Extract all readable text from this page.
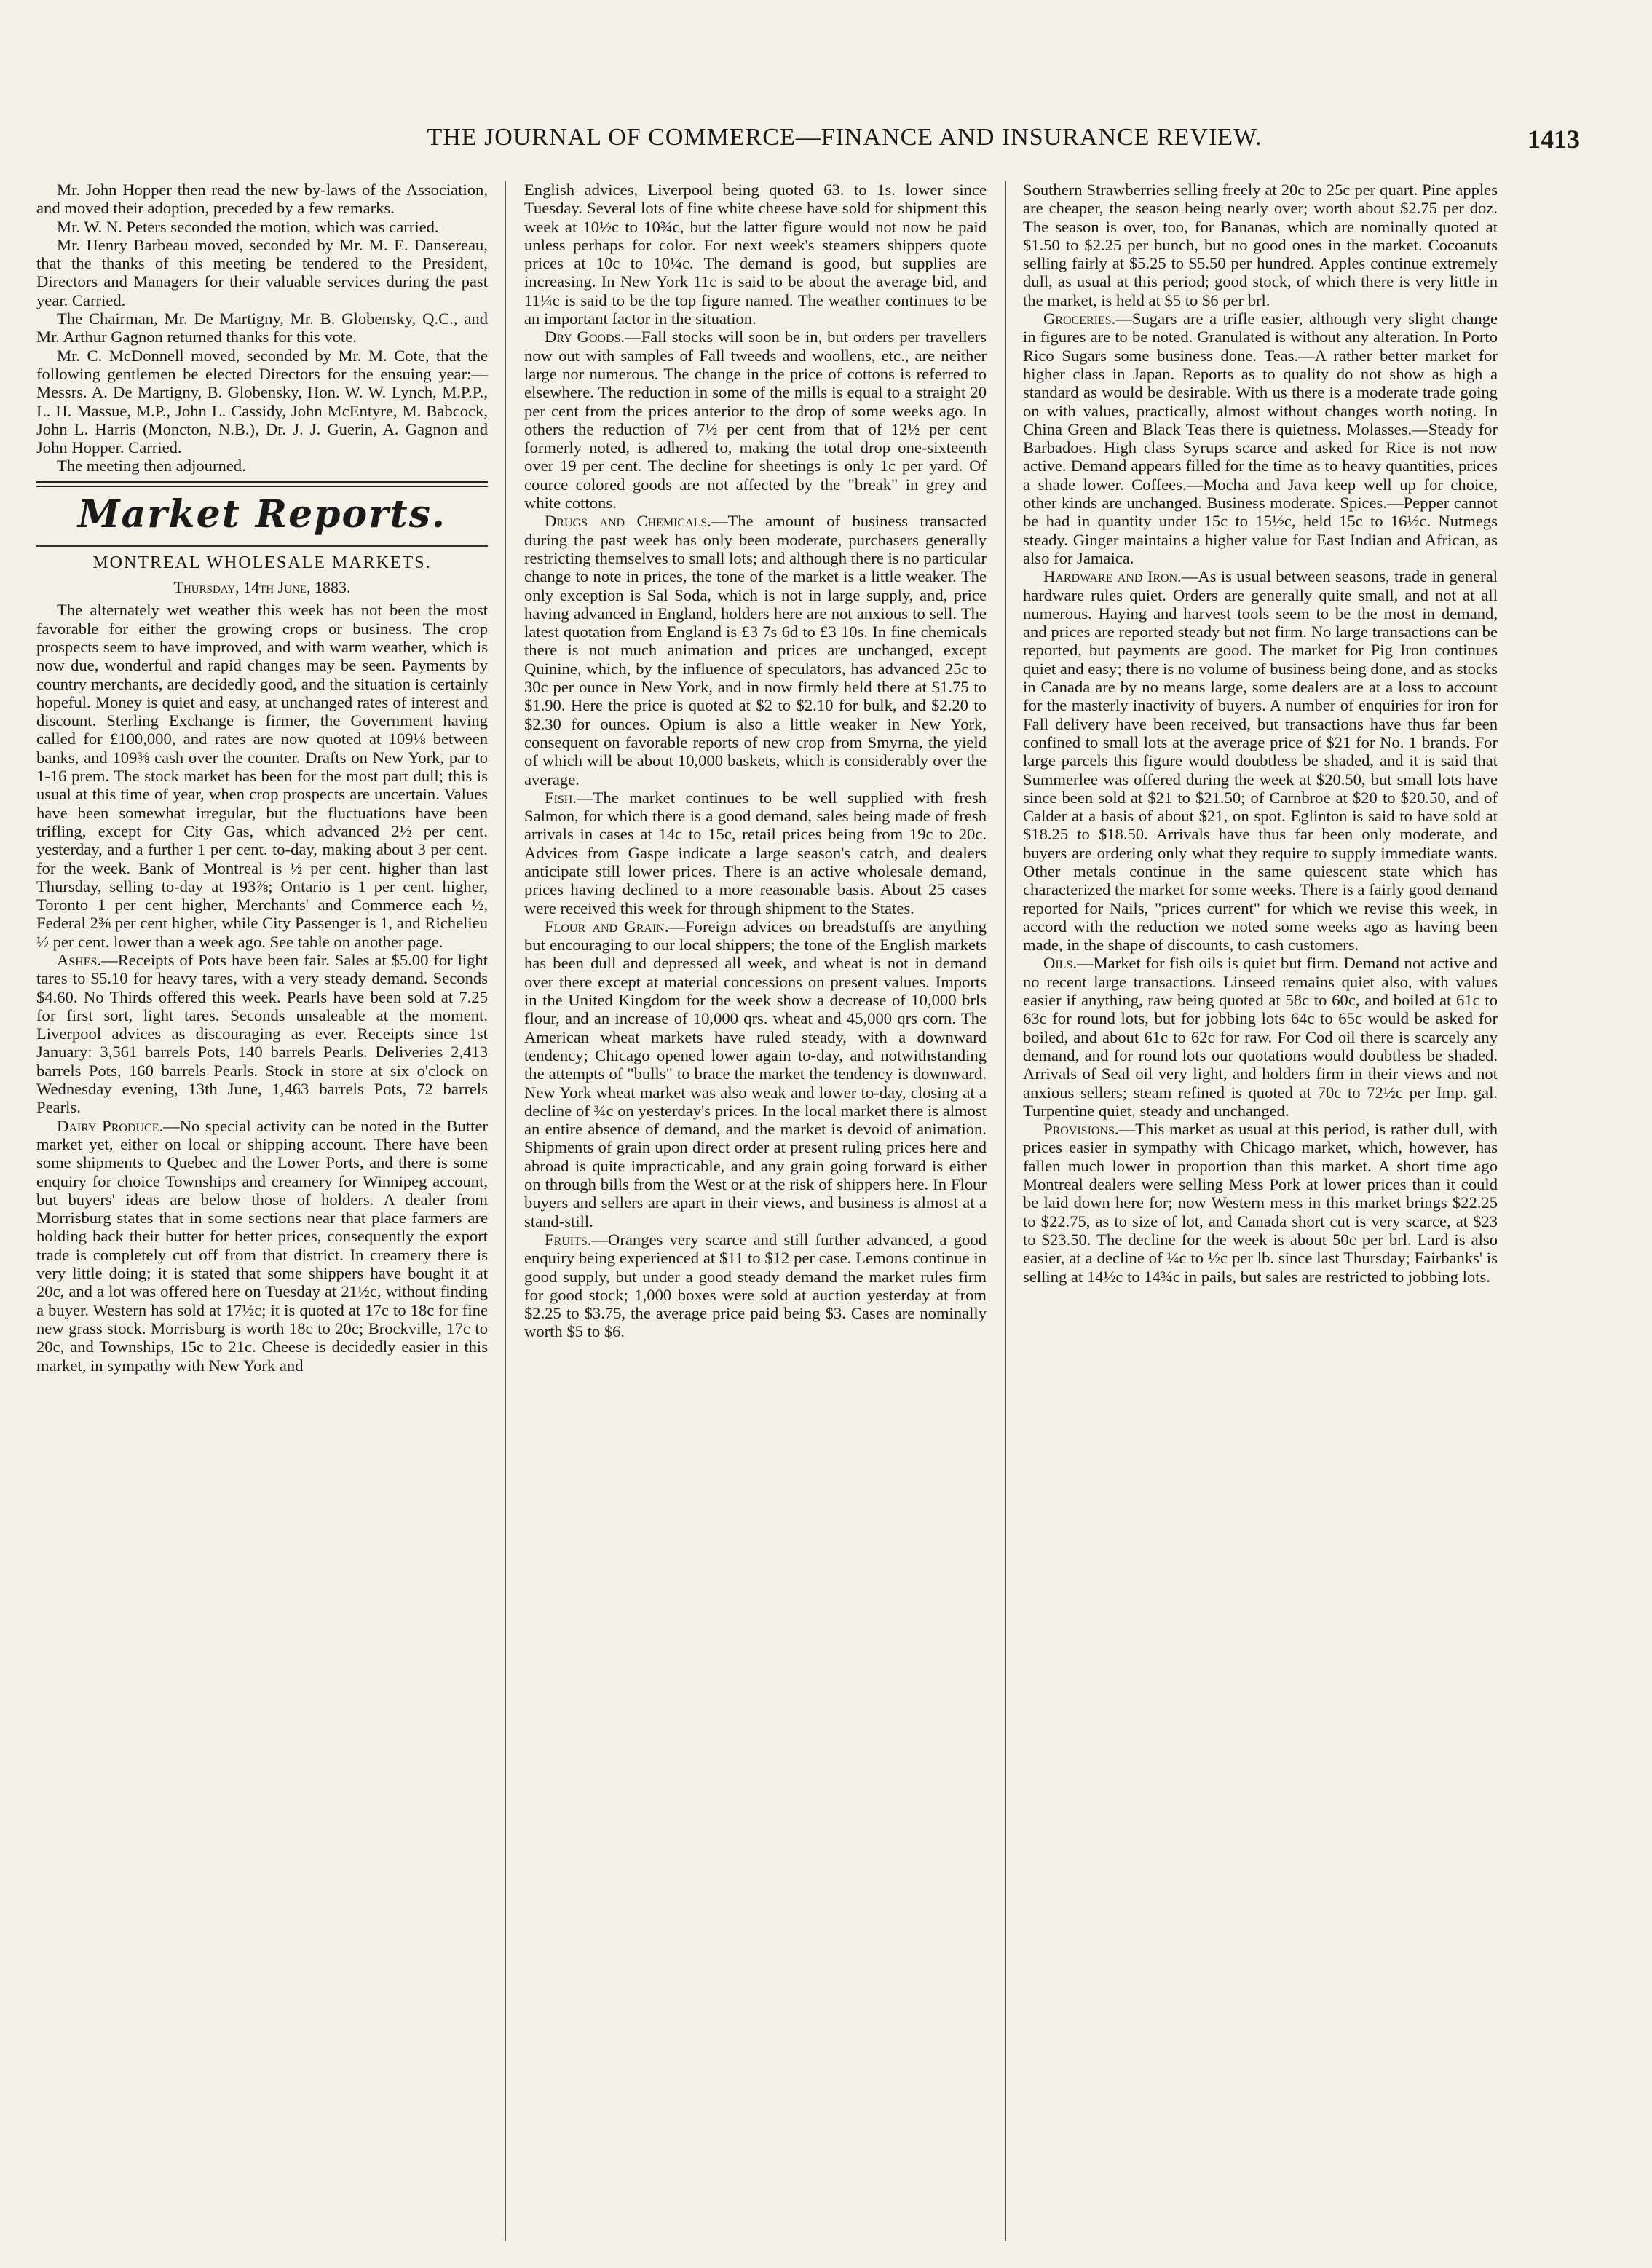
THE JOURNAL OF COMMERCE—FINANCE AND INSURANCE REVIEW.	1413

Mr. John Hopper then read the new by-laws of the Association, and moved their adoption, preceded by a few remarks.

Mr. W. N. Peters seconded the motion, which was carried.

Mr. Henry Barbeau moved, seconded by Mr. M. E. Dansereau, that the thanks of this meeting be tendered to the President, Directors and Managers for their valuable services during the past year. Carried.

The Chairman, Mr. De Martigny, Mr. B. Globensky, Q.C., and Mr. Arthur Gagnon returned thanks for this vote.

Mr. C. McDonnell moved, seconded by Mr. M. Cote, that the following gentlemen be elected Directors for the ensuing year:—Messrs. A. De Martigny, B. Globensky, Hon. W. W. Lynch, M.P.P., L. H. Massue, M.P., John L. Cassidy, John McEntyre, M. Babcock, John L. Harris (Moncton, N.B.), Dr. J. J. Guerin, A. Gagnon and John Hopper. Carried.

The meeting then adjourned.

Market Reports.
MONTREAL WHOLESALE MARKETS.
Thursday, 14th June, 1883.

The alternately wet weather this week has not been the most favorable for either the growing crops or business. The crop prospects seem to have improved, and with warm weather, which is now due, wonderful and rapid changes may be seen. Payments by country merchants, are decidedly good, and the situation is certainly hopeful. Money is quiet and easy, at unchanged rates of interest and discount. Sterling Exchange is firmer, the Government having called for £100,000, and rates are now quoted at 109⅛ between banks, and 109⅜ cash over the counter. Drafts on New York, par to 1-16 prem. The stock market has been for the most part dull; this is usual at this time of year, when crop prospects are uncertain. Values have been somewhat irregular, but the fluctuations have been trifling, except for City Gas, which advanced 2½ per cent. yesterday, and a further 1 per cent. to-day, making about 3 per cent. for the week. Bank of Montreal is ½ per cent. higher than last Thursday, selling to-day at 193⅞; Ontario is 1 per cent. higher, Toronto 1 per cent higher, Merchants' and Commerce each ½, Federal 2⅜ per cent higher, while City Passenger is 1, and Richelieu ½ per cent. lower than a week ago. See table on another page.

Ashes.—Receipts of Pots have been fair. Sales at $5.00 for light tares to $5.10 for heavy tares, with a very steady demand. Seconds $4.60. No Thirds offered this week. Pearls have been sold at 7.25 for first sort, light tares. Seconds unsaleable at the moment. Liverpool advices as discouraging as ever. Receipts since 1st January: 3,561 barrels Pots, 140 barrels Pearls. Deliveries 2,413 barrels Pots, 160 barrels Pearls. Stock in store at six o'clock on Wednesday evening, 13th June, 1,463 barrels Pots, 72 barrels Pearls.

Dairy Produce.—No special activity can be noted in the Butter market yet, either on local or shipping account. There have been some shipments to Quebec and the Lower Ports, and there is some enquiry for choice Townships and creamery for Winnipeg account, but buyers' ideas are below those of holders. A dealer from Morrisburg states that in some sections near that place farmers are holding back their butter for better prices, consequently the export trade is completely cut off from that district. In creamery there is very little doing; it is stated that some shippers have bought it at 20c, and a lot was offered here on Tuesday at 21½c, without finding a buyer. Western has sold at 17½c; it is quoted at 17c to 18c for fine new grass stock. Morrisburg is worth 18c to 20c; Brockville, 17c to 20c, and Townships, 15c to 21c. Cheese is decidedly easier in this market, in sympathy with New York and

English advices, Liverpool being quoted 63. to 1s. lower since Tuesday. Several lots of fine white cheese have sold for shipment this week at 10½c to 10¾c, but the latter figure would not now be paid unless perhaps for color. For next week's steamers shippers quote prices at 10c to 10¼c. The demand is good, but supplies are increasing. In New York 11c is said to be about the average bid, and 11¼c is said to be the top figure named. The weather continues to be an important factor in the situation.

Dry Goods.—Fall stocks will soon be in, but orders per travellers now out with samples of Fall tweeds and woollens, etc., are neither large nor numerous. The change in the price of cottons is referred to elsewhere. The reduction in some of the mills is equal to a straight 20 per cent from the prices anterior to the drop of some weeks ago. In others the reduction of 7½ per cent from that of 12½ per cent formerly noted, is adhered to, making the total drop one-sixteenth over 19 per cent. The decline for sheetings is only 1c per yard. Of cource colored goods are not affected by the "break" in grey and white cottons.

Drugs and Chemicals.—The amount of business transacted during the past week has only been moderate, purchasers generally restricting themselves to small lots; and although there is no particular change to note in prices, the tone of the market is a little weaker. The only exception is Sal Soda, which is not in large supply, and, price having advanced in England, holders here are not anxious to sell. The latest quotation from England is £3 7s 6d to £3 10s. In fine chemicals there is not much animation and prices are unchanged, except Quinine, which, by the influence of speculators, has advanced 25c to 30c per ounce in New York, and in now firmly held there at $1.75 to $1.90. Here the price is quoted at $2 to $2.10 for bulk, and $2.20 to $2.30 for ounces. Opium is also a little weaker in New York, consequent on favorable reports of new crop from Smyrna, the yield of which will be about 10,000 baskets, which is considerably over the average.

Fish.—The market continues to be well supplied with fresh Salmon, for which there is a good demand, sales being made of fresh arrivals in cases at 14c to 15c, retail prices being from 19c to 20c. Advices from Gaspe indicate a large season's catch, and dealers anticipate still lower prices. There is an active wholesale demand, prices having declined to a more reasonable basis. About 25 cases were received this week for through shipment to the States.

Flour and Grain.—Foreign advices on breadstuffs are anything but encouraging to our local shippers; the tone of the English markets has been dull and depressed all week, and wheat is not in demand over there except at material concessions on present values. Imports in the United Kingdom for the week show a decrease of 10,000 brls flour, and an increase of 10,000 qrs. wheat and 45,000 qrs corn. The American wheat markets have ruled steady, with a downward tendency; Chicago opened lower again to-day, and notwithstanding the attempts of "bulls" to brace the market the tendency is downward. New York wheat market was also weak and lower to-day, closing at a decline of ¾c on yesterday's prices. In the local market there is almost an entire absence of demand, and the market is devoid of animation. Shipments of grain upon direct order at present ruling prices here and abroad is quite impracticable, and any grain going forward is either on through bills from the West or at the risk of shippers here. In Flour buyers and sellers are apart in their views, and business is almost at a stand-still.

Fruits.—Oranges very scarce and still further advanced, a good enquiry being experienced at $11 to $12 per case. Lemons continue in good supply, but under a good steady demand the market rules firm for good stock; 1,000 boxes were sold at auction yesterday at from $2.25 to $3.75, the average price paid being $3. Cases are nominally worth $5 to $6.

Southern Strawberries selling freely at 20c to 25c per quart. Pine apples are cheaper, the season being nearly over; worth about $2.75 per doz. The season is over, too, for Bananas, which are nominally quoted at $1.50 to $2.25 per bunch, but no good ones in the market. Cocoanuts selling fairly at $5.25 to $5.50 per hundred. Apples continue extremely dull, as usual at this period; good stock, of which there is very little in the market, is held at $5 to $6 per brl.

Groceries.—Sugars are a trifle easier, although very slight change in figures are to be noted. Granulated is without any alteration. In Porto Rico Sugars some business done. Teas.—A rather better market for higher class in Japan. Reports as to quality do not show as high a standard as would be desirable. With us there is a moderate trade going on with values, practically, almost without changes worth noting. In China Green and Black Teas there is quietness. Molasses.—Steady for Barbadoes. High class Syrups scarce and asked for Rice is not now active. Demand appears filled for the time as to heavy quantities, prices a shade lower. Coffees.—Mocha and Java keep well up for choice, other kinds are unchanged. Business moderate. Spices.—Pepper cannot be had in quantity under 15c to 15½c, held 15c to 16½c. Nutmegs steady. Ginger maintains a higher value for East Indian and African, as also for Jamaica.

Hardware and Iron.—As is usual between seasons, trade in general hardware rules quiet. Orders are generally quite small, and not at all numerous. Haying and harvest tools seem to be the most in demand, and prices are reported steady but not firm. No large transactions can be reported, but payments are good. The market for Pig Iron continues quiet and easy; there is no volume of business being done, and as stocks in Canada are by no means large, some dealers are at a loss to account for the masterly inactivity of buyers. A number of enquiries for iron for Fall delivery have been received, but transactions have thus far been confined to small lots at the average price of $21 for No. 1 brands. For large parcels this figure would doubtless be shaded, and it is said that Summerlee was offered during the week at $20.50, but small lots have since been sold at $21 to $21.50; of Carnbroe at $20 to $20.50, and of Calder at a basis of about $21, on spot. Eglinton is said to have sold at $18.25 to $18.50. Arrivals have thus far been only moderate, and buyers are ordering only what they require to supply immediate wants. Other metals continue in the same quiescent state which has characterized the market for some weeks. There is a fairly good demand reported for Nails, "prices current" for which we revise this week, in accord with the reduction we noted some weeks ago as having been made, in the shape of discounts, to cash customers.

Oils.—Market for fish oils is quiet but firm. Demand not active and no recent large transactions. Linseed remains quiet also, with values easier if anything, raw being quoted at 58c to 60c, and boiled at 61c to 63c for round lots, but for jobbing lots 64c to 65c would be asked for boiled, and about 61c to 62c for raw. For Cod oil there is scarcely any demand, and for round lots our quotations would doubtless be shaded. Arrivals of Seal oil very light, and holders firm in their views and not anxious sellers; steam refined is quoted at 70c to 72½c per Imp. gal. Turpentine quiet, steady and unchanged.

Provisions.—This market as usual at this period, is rather dull, with prices easier in sympathy with Chicago market, which, however, has fallen much lower in proportion than this market. A short time ago Montreal dealers were selling Mess Pork at lower prices than it could be laid down here for; now Western mess in this market brings $22.25 to $22.75, as to size of lot, and Canada short cut is very scarce, at $23 to $23.50. The decline for the week is about 50c per brl. Lard is also easier, at a decline of ¼c to ½c per lb. since last Thursday; Fairbanks' is selling at 14½c to 14¾c in pails, but sales are restricted to jobbing lots.
